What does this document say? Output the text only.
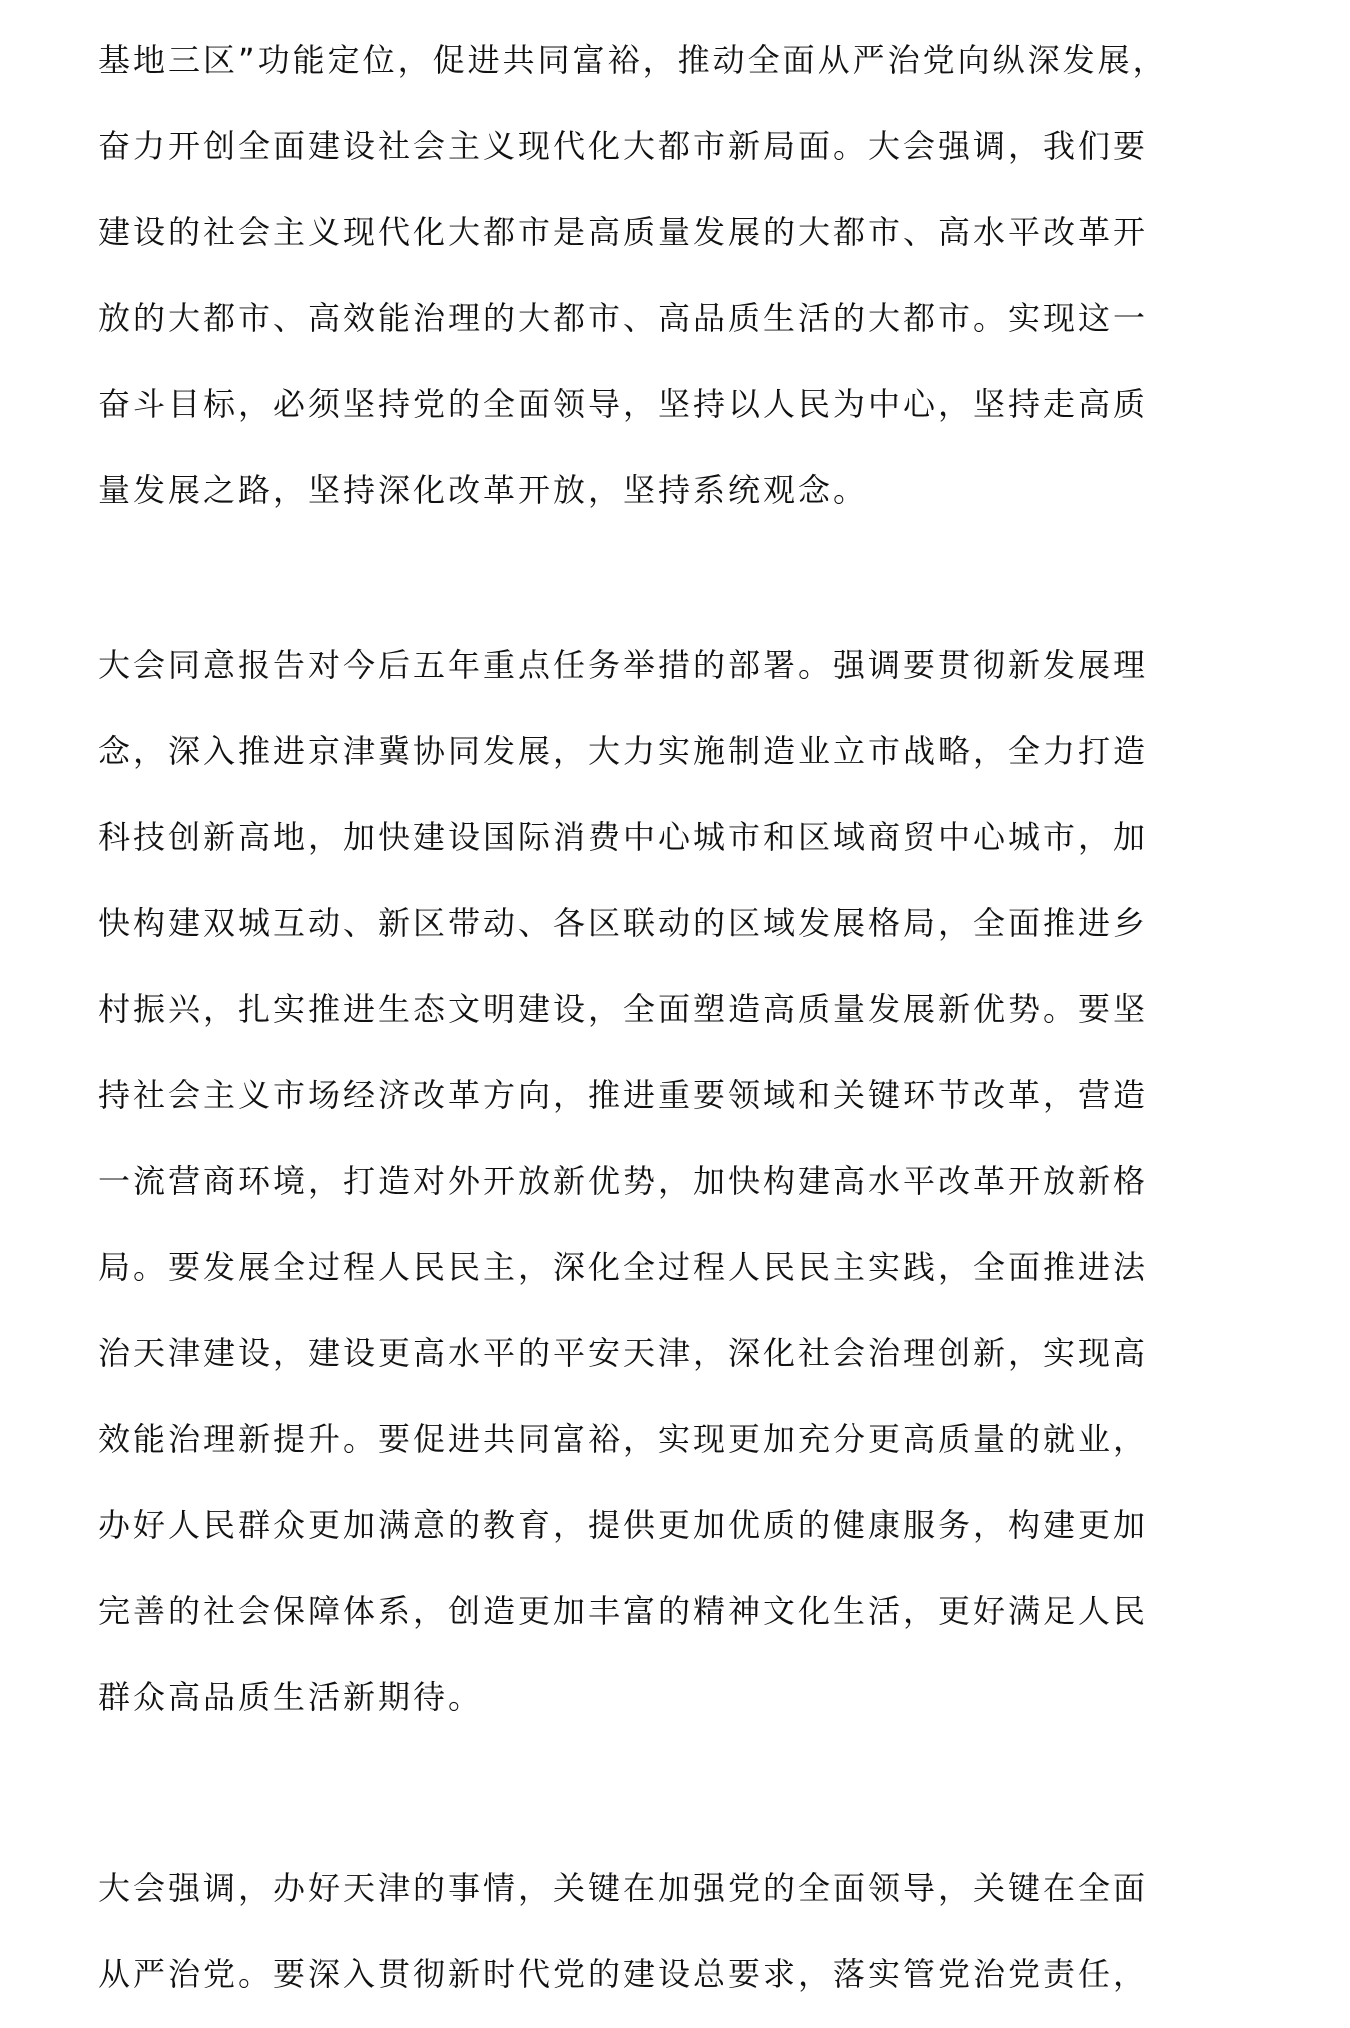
基地三区”功能定位，促进共同富裕，推动全面从严治党向纵深发展，
奋力开创全面建设社会主义现代化大都市新局面。大会强调，我们要
建设的社会主义现代化大都市是高质量发展的大都市、高水平改革开
放的大都市、高效能治理的大都市、高品质生活的大都市。实现这一
奋斗目标，必须坚持党的全面领导，坚持以人民为中心，坚持走高质
量发展之路，坚持深化改革开放，坚持系统观念。
大会同意报告对今后五年重点任务举措的部署。强调要贯彻新发展理
念，深入推进京津冀协同发展，大力实施制造业立市战略，全力打造
科技创新高地，加快建设国际消费中心城市和区域商贸中心城市，加
快构建双城互动、新区带动、各区联动的区域发展格局，全面推进乡
村振兴，扎实推进生态文明建设，全面塑造高质量发展新优势。要坚
持社会主义市场经济改革方向，推进重要领域和关键环节改革，营造
一流营商环境，打造对外开放新优势，加快构建高水平改革开放新格
局。要发展全过程人民民主，深化全过程人民民主实践，全面推进法
治天津建设，建设更高水平的平安天津，深化社会治理创新，实现高
效能治理新提升。要促进共同富裕，实现更加充分更高质量的就业，
办好人民群众更加满意的教育，提供更加优质的健康服务，构建更加
完善的社会保障体系，创造更加丰富的精神文化生活，更好满足人民
群众高品质生活新期待。
大会强调，办好天津的事情，关键在加强党的全面领导，关键在全面
从严治党。要深入贯彻新时代党的建设总要求，落实管党治党责任，
